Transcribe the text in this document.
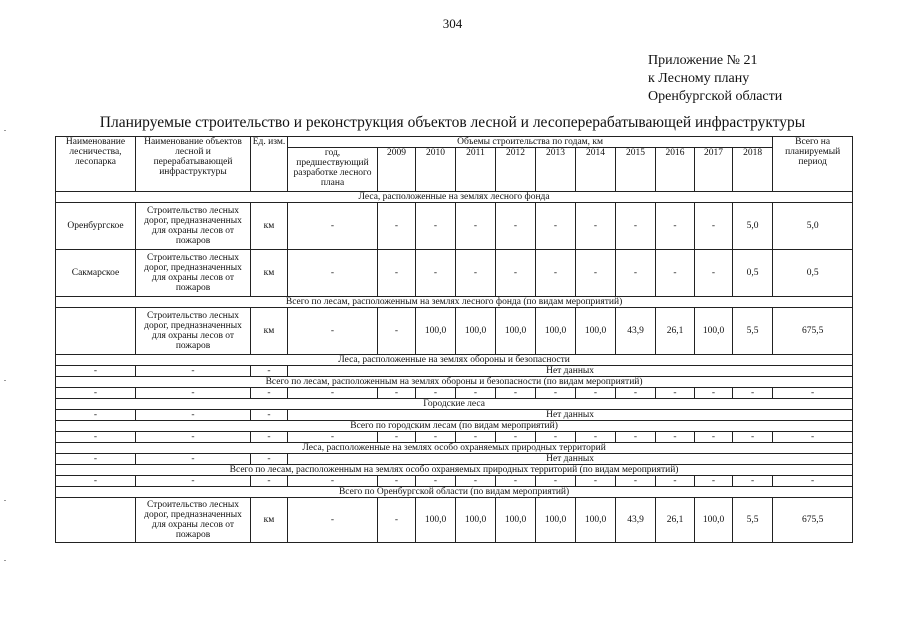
304
Приложение № 21
к Лесному плану
Оренбургской области
Планируемые строительство и реконструкция объектов лесной и лесоперерабатывающей инфраструктуры
Наименование лесничества, лесопарка	Наименование объектов лесной и перерабатывающей инфраструктуры	Ед. изм.	Объемы строительства по годам, км											Всего на планируемый период
			год, предшествующий разработке лесного плана	2009	2010	2011	2012	2013	2014	2015	2016	2017	2018	
Леса, расположенные на землях лесного фонда														
Оренбургское	Строительство лесных дорог, предназначенных для охраны лесов от пожаров	км	-	-	-	-	-	-	-	-	-	-	5,0	5,0
Сакмарское	Строительство лесных дорог, предназначенных для охраны лесов от пожаров	км	-	-	-	-	-	-	-	-	-	-	0,5	0,5
Всего по лесам, расположенным на землях лесного фонда (по видам мероприятий)														
	Строительство лесных дорог, предназначенных для охраны лесов от пожаров	км	-	-	100,0	100,0	100,0	100,0	100,0	43,9	26,1	100,0	5,5	675,5
Леса, расположенные на землях обороны и безопасности														
-	-	-	Нет данных											
Всего по лесам, расположенным на землях обороны и безопасности (по видам мероприятий)														
-	-	-	-	-	-	-	-	-	-	-	-	-	-	-
Городские леса														
-	-	-	Нет данных											
Всего по городским лесам (по видам мероприятий)														
-	-	-	-	-	-	-	-	-	-	-	-	-	-	-
Леса, расположенные на землях особо охраняемых природных территорий														
-	-	-	Нет данных											
Всего по лесам, расположенным на землях особо охраняемых природных территорий (по видам мероприятий)														
-	-	-	-	-	-	-	-	-	-	-	-	-	-	-
Всего по Оренбургской области (по видам мероприятий)														
	Строительство лесных дорог, предназначенных для охраны лесов от пожаров	км	-	-	100,0	100,0	100,0	100,0	100,0	43,9	26,1	100,0	5,5	675,5
